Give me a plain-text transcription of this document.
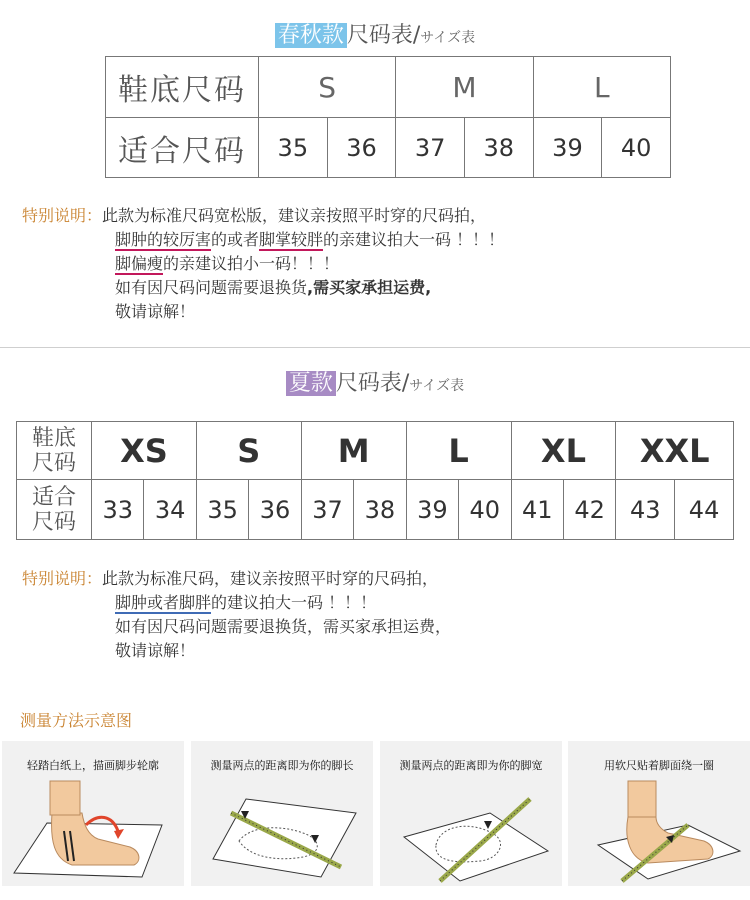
春秋款 尺码表/サイズ表
鞋底尺码	S		M		L	
适合尺码	35	36	37	38	39	40
特别说明：此款为标准尺码宽松版，建议亲按照平时穿的尺码拍，
脚肿的较厉害的或者脚掌较胖的亲建议拍大一码 ！！！
脚偏瘦的亲建议拍小一码！！！
如有因尺码问题需要退换货,需买家承担运费,
敬请谅解！
夏款 尺码表/サイズ表
鞋底
尺码	XS		S		M		L		XL		XXL	
适合
尺码	33	34	35	36	37	38	39	40	41	42	43	44
特别说明：此款为标准尺码，建议亲按照平时穿的尺码拍，
脚肿或者脚胖的建议拍大一码 ！！！
如有因尺码问题需要退换货，需买家承担运费，
敬请谅解！
测量方法示意图
轻踏白纸上，描画脚步轮廓	测量两点的距离即为你的脚长	测量两点的距离即为你的脚宽	用软尺贴着脚面绕一圈
